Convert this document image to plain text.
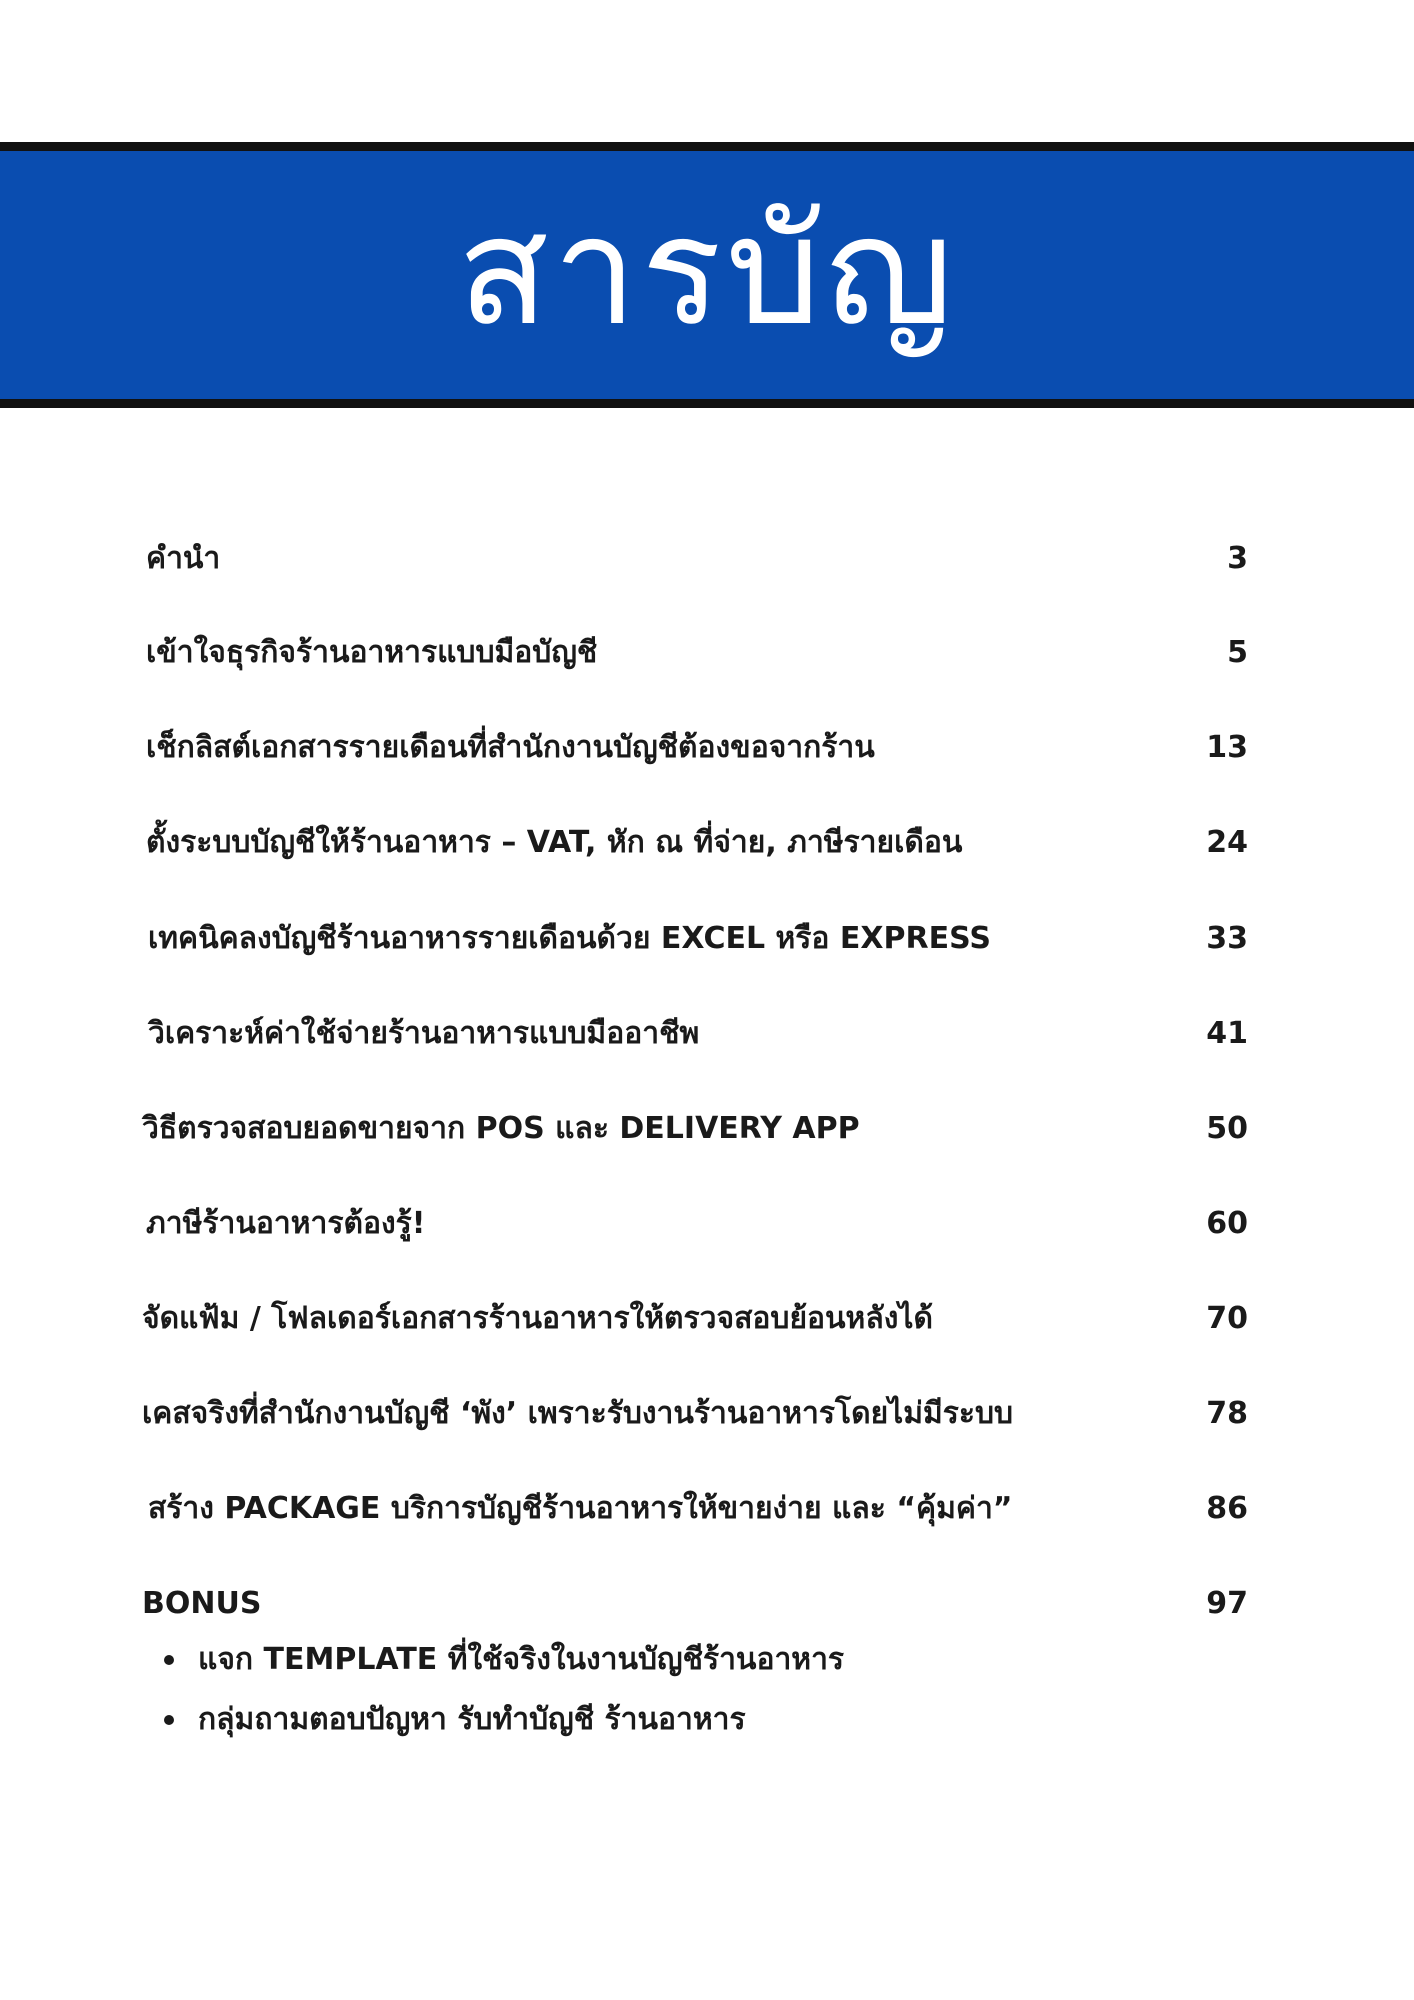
สารบัญ
คำนำ	3
เข้าใจธุรกิจร้านอาหารแบบมือบัญชี	5
เช็กลิสต์เอกสารรายเดือนที่สำนักงานบัญชีต้องขอจากร้าน	13
ตั้งระบบบัญชีให้ร้านอาหาร – VAT, หัก ณ ที่จ่าย, ภาษีรายเดือน	24
เทคนิคลงบัญชีร้านอาหารรายเดือนด้วย EXCEL หรือ EXPRESS	33
วิเคราะห์ค่าใช้จ่ายร้านอาหารแบบมืออาชีพ	41
วิธีตรวจสอบยอดขายจาก POS และ DELIVERY APP	50
ภาษีร้านอาหารต้องรู้!	60
จัดแฟ้ม / โฟลเดอร์เอกสารร้านอาหารให้ตรวจสอบย้อนหลังได้	70
เคสจริงที่สำนักงานบัญชี ‘พัง’ เพราะรับงานร้านอาหารโดยไม่มีระบบ	78
สร้าง PACKAGE บริการบัญชีร้านอาหารให้ขายง่าย และ “คุ้มค่า”	86
BONUS	97
แจก TEMPLATE ที่ใช้จริงในงานบัญชีร้านอาหาร
กลุ่มถามตอบปัญหา รับทำบัญชี ร้านอาหาร
